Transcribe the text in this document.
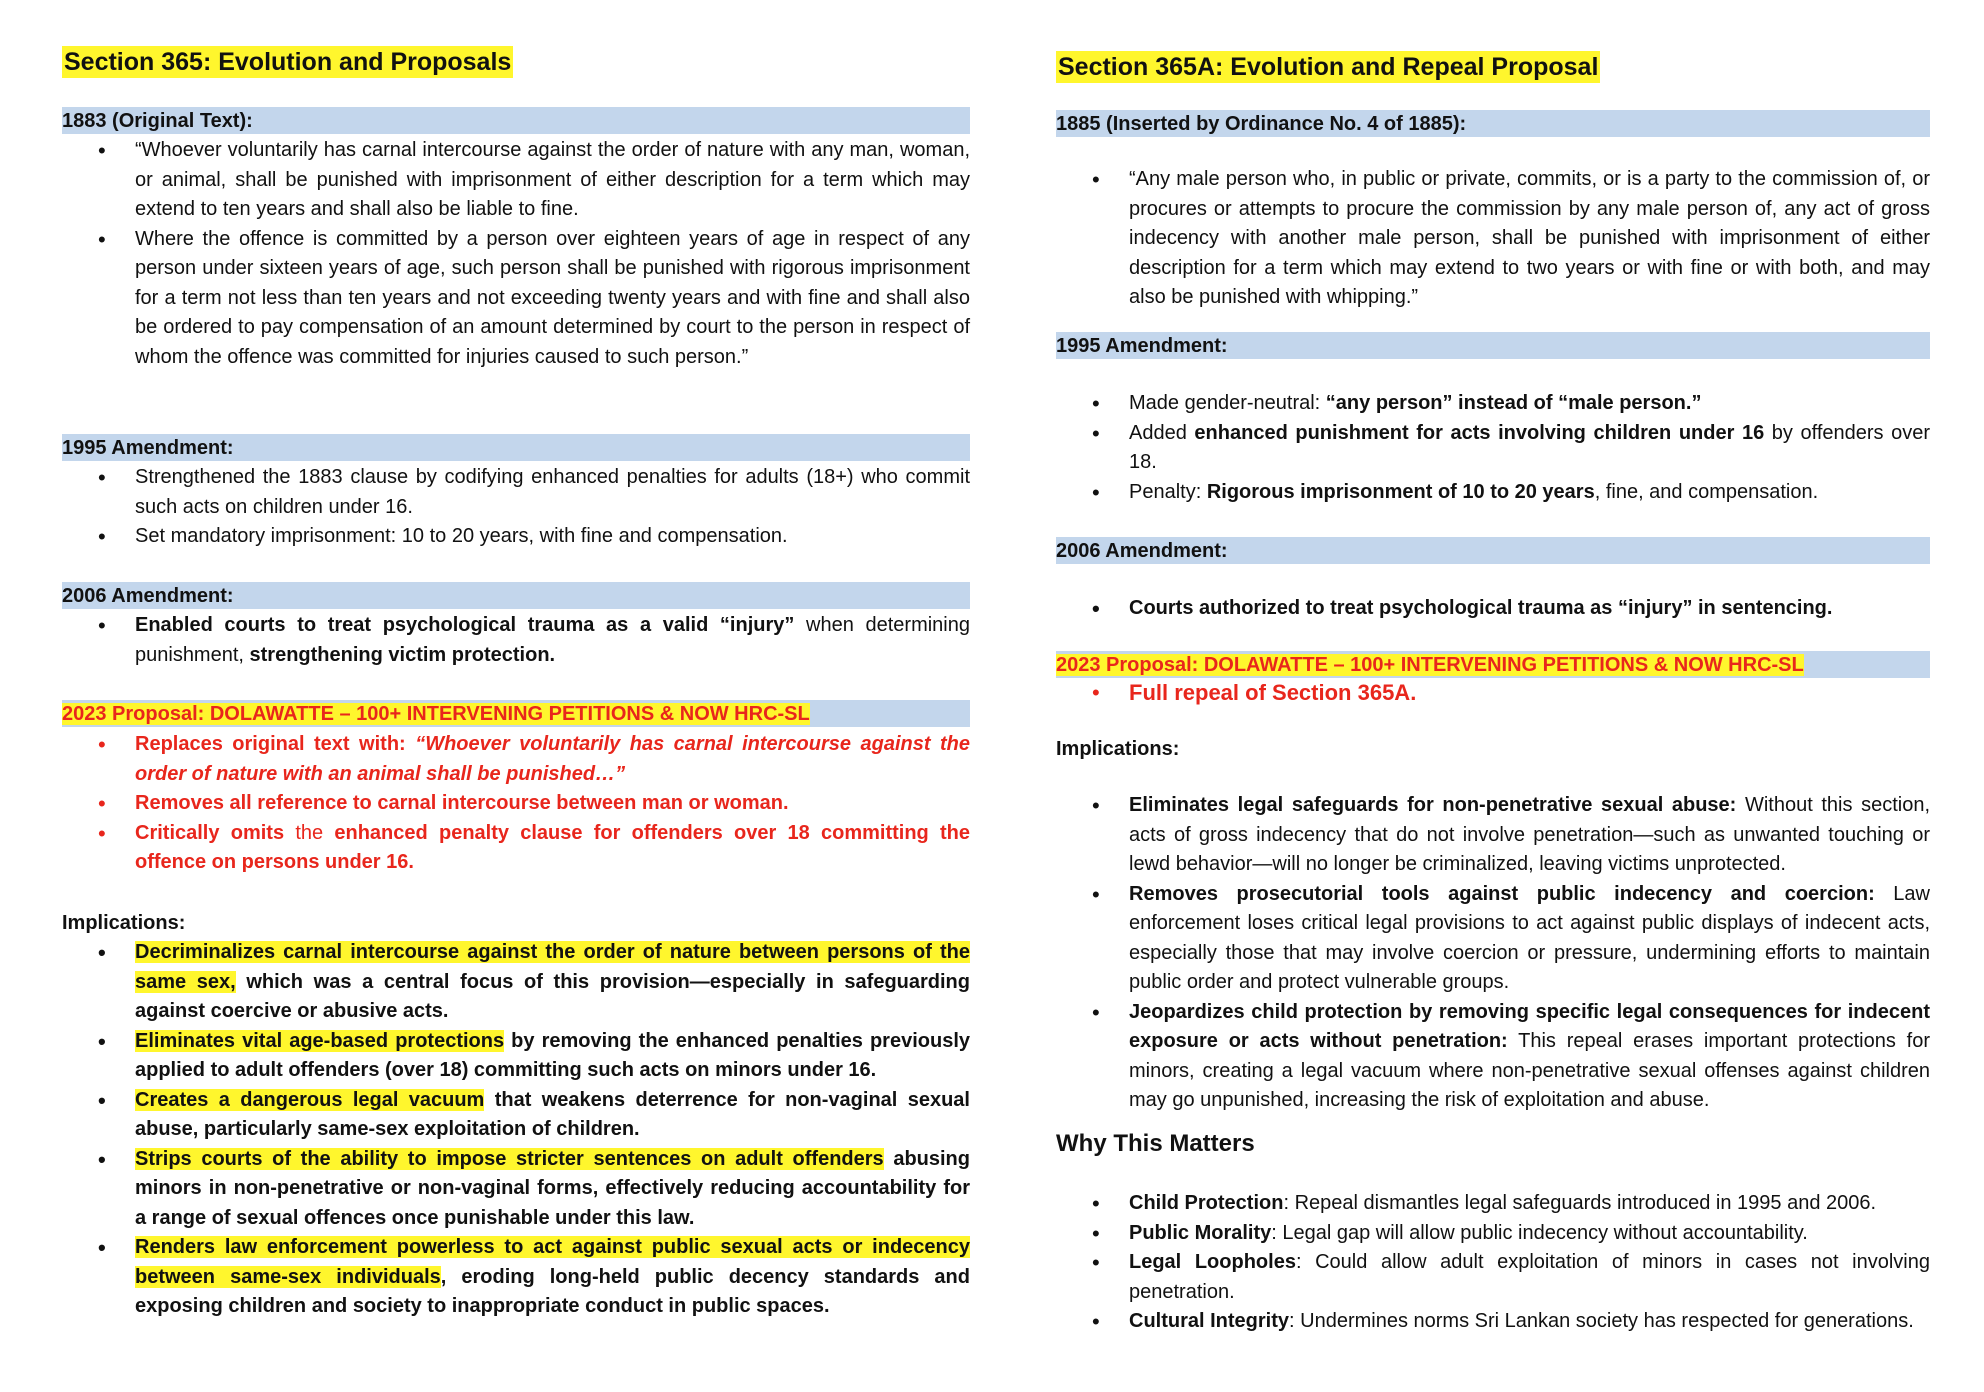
Section 365: Evolution and Proposals
1883 (Original Text):
• “Whoever voluntarily has carnal intercourse against the order of nature with any man, woman, or animal, shall be punished with imprisonment of either description for a term which may extend to ten years and shall also be liable to fine.
• Where the offence is committed by a person over eighteen years of age in respect of any person under sixteen years of age, such person shall be punished with rigorous imprisonment for a term not less than ten years and not exceeding twenty years and with fine and shall also be ordered to pay compensation of an amount determined by court to the person in respect of whom the offence was committed for injuries caused to such person.”
1995 Amendment:
• Strengthened the 1883 clause by codifying enhanced penalties for adults (18+) who commit such acts on children under 16.
• Set mandatory imprisonment: 10 to 20 years, with fine and compensation.
2006 Amendment:
• Enabled courts to treat psychological trauma as a valid “injury” when determining punishment, strengthening victim protection.
2023 Proposal: DOLAWATTE – 100+ INTERVENING PETITIONS & NOW HRC-SL
• Replaces original text with: “Whoever voluntarily has carnal intercourse against the order of nature with an animal shall be punished…”
• Removes all reference to carnal intercourse between man or woman.
• Critically omits the enhanced penalty clause for offenders over 18 committing the offence on persons under 16.
Implications:
• Decriminalizes carnal intercourse against the order of nature between persons of the same sex, which was a central focus of this provision—especially in safeguarding against coercive or abusive acts.
• Eliminates vital age-based protections by removing the enhanced penalties previously applied to adult offenders (over 18) committing such acts on minors under 16.
• Creates a dangerous legal vacuum that weakens deterrence for non-vaginal sexual abuse, particularly same-sex exploitation of children.
• Strips courts of the ability to impose stricter sentences on adult offenders abusing minors in non-penetrative or non-vaginal forms, effectively reducing accountability for a range of sexual offences once punishable under this law.
• Renders law enforcement powerless to act against public sexual acts or indecency between same-sex individuals, eroding long-held public decency standards and exposing children and society to inappropriate conduct in public spaces.
Section 365A: Evolution and Repeal Proposal
1885 (Inserted by Ordinance No. 4 of 1885):
• “Any male person who, in public or private, commits, or is a party to the commission of, or procures or attempts to procure the commission by any male person of, any act of gross indecency with another male person, shall be punished with imprisonment of either description for a term which may extend to two years or with fine or with both, and may also be punished with whipping.”
1995 Amendment:
• Made gender-neutral: “any person” instead of “male person.”
• Added enhanced punishment for acts involving children under 16 by offenders over 18.
• Penalty: Rigorous imprisonment of 10 to 20 years, fine, and compensation.
2006 Amendment:
• Courts authorized to treat psychological trauma as “injury” in sentencing.
2023 Proposal: DOLAWATTE – 100+ INTERVENING PETITIONS & NOW HRC-SL
• Full repeal of Section 365A.
Implications:
• Eliminates legal safeguards for non-penetrative sexual abuse: Without this section, acts of gross indecency that do not involve penetration—such as unwanted touching or lewd behavior—will no longer be criminalized, leaving victims unprotected.
• Removes prosecutorial tools against public indecency and coercion: Law enforcement loses critical legal provisions to act against public displays of indecent acts, especially those that may involve coercion or pressure, undermining efforts to maintain public order and protect vulnerable groups.
• Jeopardizes child protection by removing specific legal consequences for indecent exposure or acts without penetration: This repeal erases important protections for minors, creating a legal vacuum where non-penetrative sexual offenses against children may go unpunished, increasing the risk of exploitation and abuse.
Why This Matters
• Child Protection: Repeal dismantles legal safeguards introduced in 1995 and 2006.
• Public Morality: Legal gap will allow public indecency without accountability.
• Legal Loopholes: Could allow adult exploitation of minors in cases not involving penetration.
• Cultural Integrity: Undermines norms Sri Lankan society has respected for generations.
